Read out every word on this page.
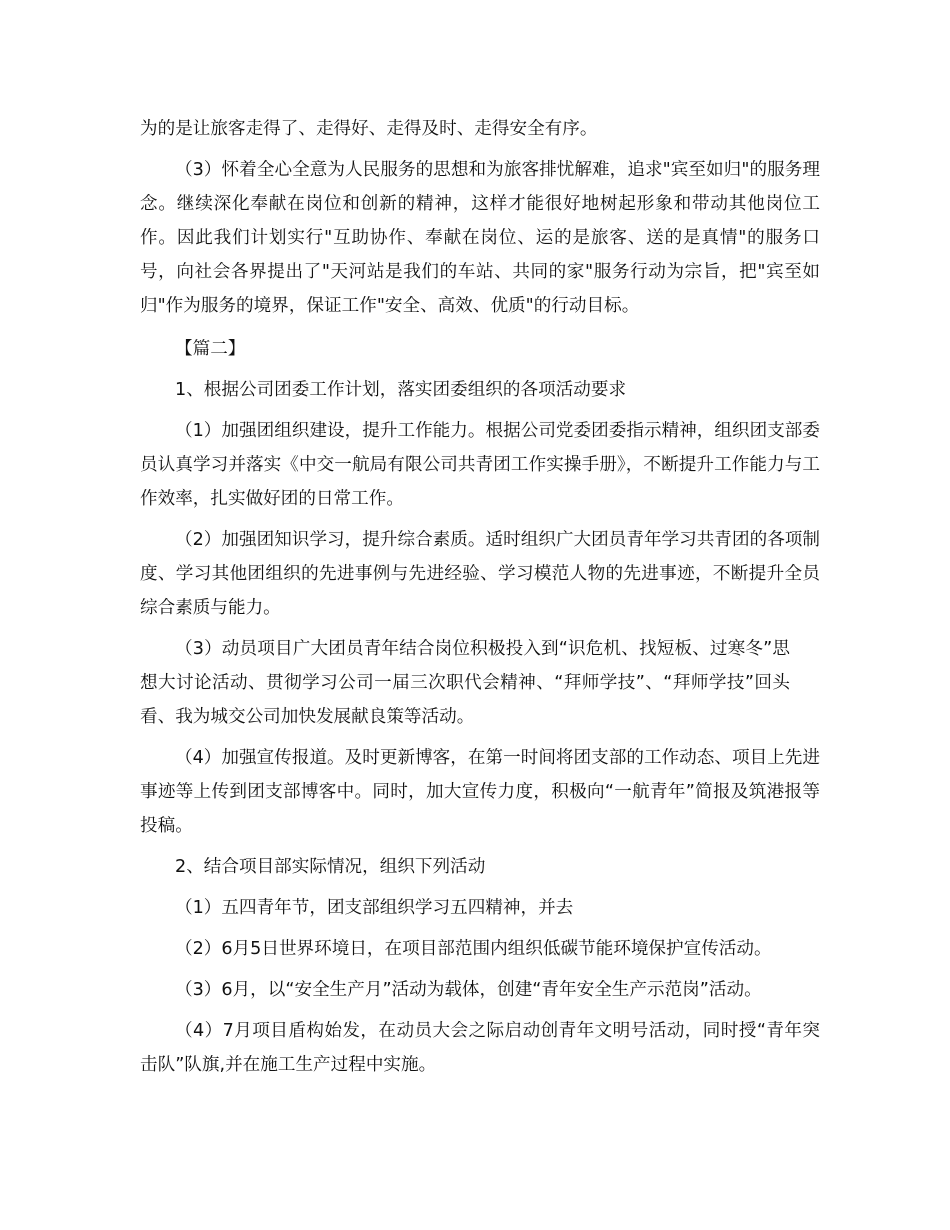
为的是让旅客走得了、走得好、走得及时、走得安全有序。

（3）怀着全心全意为人民服务的思想和为旅客排忧解难，追求"宾至如归"的服务理念。继续深化奉献在岗位和创新的精神，这样才能很好地树起形象和带动其他岗位工作。因此我们计划实行"互助协作、奉献在岗位、运的是旅客、送的是真情"的服务口号，向社会各界提出了"天河站是我们的车站、共同的家"服务行动为宗旨，把"宾至如归"作为服务的境界，保证工作"安全、高效、优质"的行动目标。

【篇二】

1、根据公司团委工作计划，落实团委组织的各项活动要求

（1）加强团组织建设，提升工作能力。根据公司党委团委指示精神，组织团支部委员认真学习并落实《中交一航局有限公司共青团工作实操手册》，不断提升工作能力与工作效率，扎实做好团的日常工作。

（2）加强团知识学习，提升综合素质。适时组织广大团员青年学习共青团的各项制度、学习其他团组织的先进事例与先进经验、学习模范人物的先进事迹，不断提升全员综合素质与能力。

（3）动员项目广大团员青年结合岗位积极投入到“识危机、找短板、过寒冬”思想大讨论活动、贯彻学习公司一届三次职代会精神、“拜师学技”、“拜师学技”回头看、我为城交公司加快发展献良策等活动。

（4）加强宣传报道。及时更新博客，在第一时间将团支部的工作动态、项目上先进事迹等上传到团支部博客中。同时，加大宣传力度，积极向“一航青年”简报及筑港报等投稿。

2、结合项目部实际情况，组织下列活动

（1）五四青年节，团支部组织学习五四精神，并去

（2）6月5日世界环境日，在项目部范围内组织低碳节能环境保护宣传活动。

（3）6月，以“安全生产月”活动为载体，创建“青年安全生产示范岗”活动。

（4）7月项目盾构始发，在动员大会之际启动创青年文明号活动，同时授“青年突击队”队旗,并在施工生产过程中实施。
